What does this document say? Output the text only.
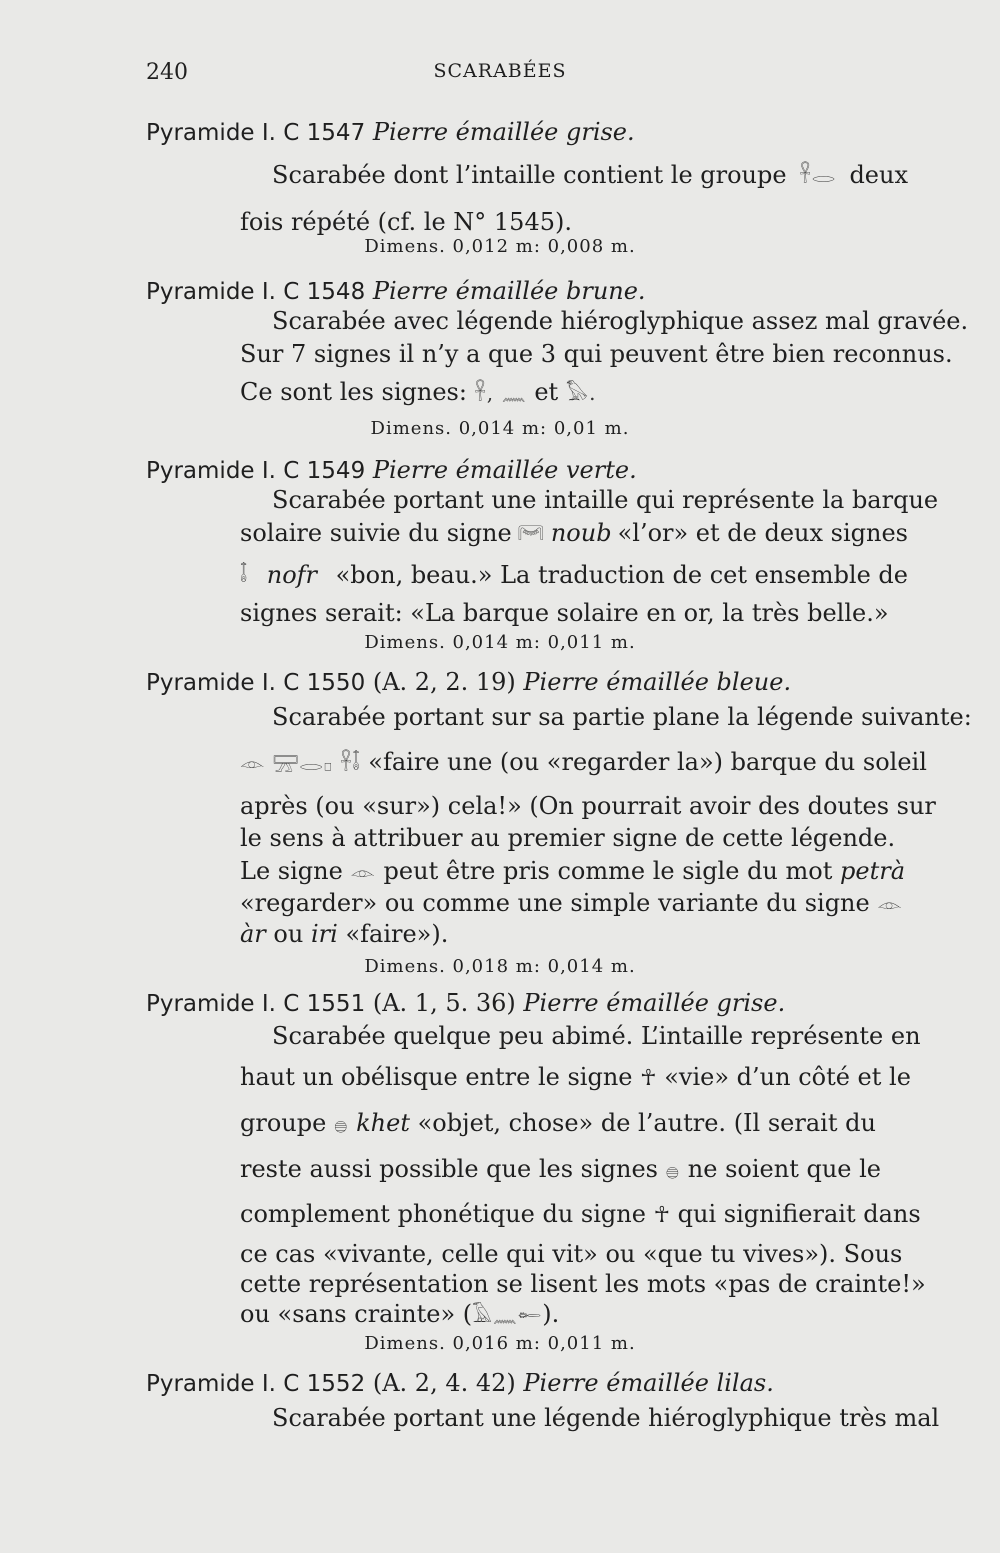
240	SCARABÉES
Pyramide I. C 1547 Pierre émaillée grise.
Scarabée dont l’intaille contient le groupe 𓋹𓂋 deux
fois répété (cf. le N° 1545).
Dimens. 0,012 m: 0,008 m.
Pyramide I. C 1548 Pierre émaillée brune.
Scarabée avec légende hiéroglyphique assez mal gravée.
Sur 7 signes il n’y a que 3 qui peuvent être bien reconnus.
Ce sont les signes: 𓋹, 𓈖 et 𓅃.
Dimens. 0,014 m: 0,01 m.
Pyramide I. C 1549 Pierre émaillée verte.
Scarabée portant une intaille qui représente la barque
solaire suivie du signe 𓋞 noub «l’or» et de deux signes
𓄤 nofr «bon, beau.» La traduction de cet ensemble de
signes serait: «La barque solaire en or, la très belle.»
Dimens. 0,014 m: 0,011 m.
Pyramide I. C 1550 (A. 2, 2. 19) Pierre émaillée bleue.
Scarabée portant sur sa partie plane la légende suivante:
𓁹 𓈝𓂋𓊪 𓋹𓄤 «faire une (ou «regarder la») barque du soleil
après (ou «sur») cela!» (On pourrait avoir des doutes sur
le sens à attribuer au premier signe de cette légende.
Le signe 𓁹 peut être pris comme le sigle du mot petrà
«regarder» ou comme une simple variante du signe 𓁹
àr ou iri «faire»).
Dimens. 0,018 m: 0,014 m.
Pyramide I. C 1551 (A. 1, 5. 36) Pierre émaillée grise.
Scarabée quelque peu abimé. L’intaille représente en
haut un obélisque entre le signe ☥ «vie» d’un côté et le
groupe 𓐍 khet «objet, chose» de l’autre. (Il serait du
reste aussi possible que les signes 𓐍 ne soient que le
complement phonétique du signe ☥ qui signifierait dans
ce cas «vivante, celle qui vit» ou «que tu vives»). Sous
cette représentation se lisent les mots «pas de crainte!»
ou «sans crainte» (𓄿𓈖𓄡).
Dimens. 0,016 m: 0,011 m.
Pyramide I. C 1552 (A. 2, 4. 42) Pierre émaillée lilas.
Scarabée portant une légende hiéroglyphique très mal
